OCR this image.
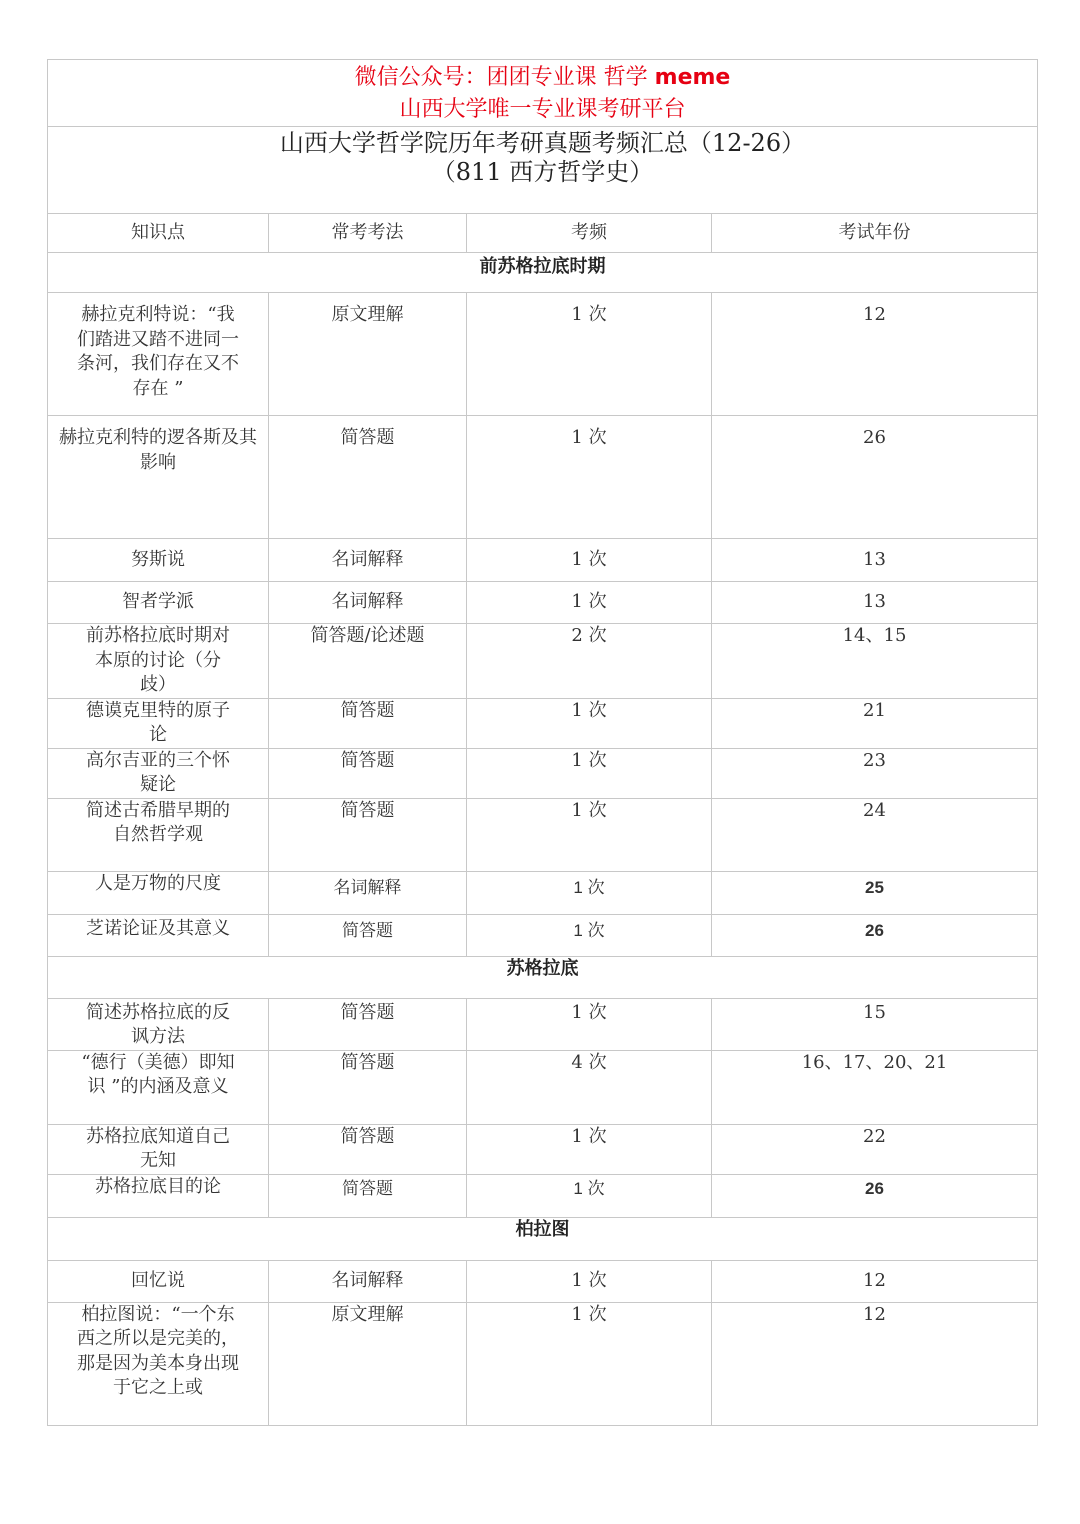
微信公众号：团团专业课 哲学 meme
山西大学唯一专业课考研平台			

山西大学哲学院历年考研真题考频汇总（12-26）
（811 西方哲学史）			

知识点	常考考法	考频	考试年份
前苏格拉底时期			
赫拉克利特说：“我们踏进又踏不进同一条河，我们存在又不存在 ”	原文理解	1 次	12
赫拉克利特的逻各斯及其影响	简答题	1 次	26
努斯说	名词解释	1 次	13
智者学派	名词解释	1 次	13
前苏格拉底时期对本原的讨论（分歧）	简答题/论述题	2 次	14、15
德谟克里特的原子论	简答题	1 次	21
高尔吉亚的三个怀疑论	简答题	1 次	23
简述古希腊早期的自然哲学观	简答题	1 次	24
人是万物的尺度	名词解释	1 次	25
芝诺论证及其意义	简答题	1 次	26
苏格拉底			
简述苏格拉底的反讽方法	简答题	1 次	15
“德行（美德）即知识 ”的内涵及意义	简答题	4 次	16、17、20、21
苏格拉底知道自己无知	简答题	1 次	22
苏格拉底目的论	简答题	1 次	26
柏拉图			
回忆说	名词解释	1 次	12
柏拉图说：“一个东西之所以是完美的，那是因为美本身出现于它之上或	原文理解	1 次	12
